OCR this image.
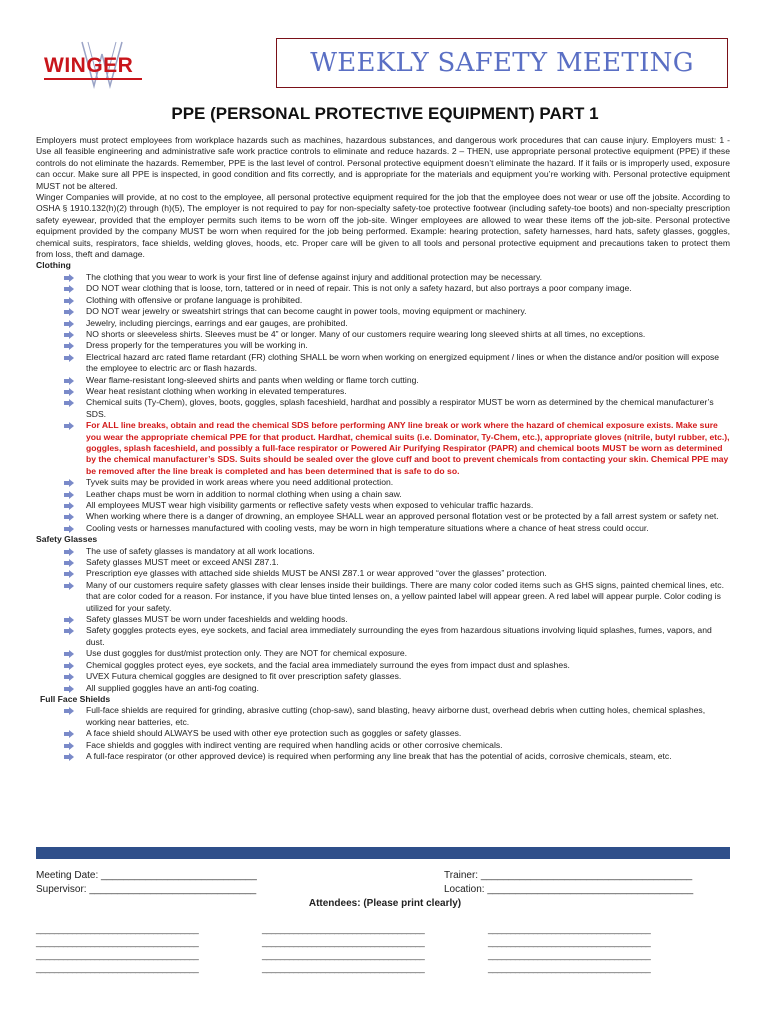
WINGER	WEEKLY SAFETY MEETING
PPE (PERSONAL PROTECTIVE EQUIPMENT) PART 1

Employers must protect employees from workplace hazards such as machines, hazardous substances, and dangerous work procedures that can cause injury. Employers must: 1 - Use all feasible engineering and administrative safe work practice controls to eliminate and reduce hazards. 2 – THEN, use appropriate personal protective equipment (PPE) if these controls do not eliminate the hazards. Remember, PPE is the last level of control. Personal protective equipment doesn’t eliminate the hazard. If it fails or is improperly used, exposure can occur. Make sure all PPE is inspected, in good condition and fits correctly, and is appropriate for the materials and equipment you’re working with. Personal protective equipment MUST not be altered.

Winger Companies will provide, at no cost to the employee, all personal protective equipment required for the job that the employee does not wear or use off the jobsite. According to OSHA § 1910.132(h)(2) through (h)(5), The employer is not required to pay for non-specialty safety-toe protective footwear (including safety-toe boots) and non-specialty prescription safety eyewear, provided that the employer permits such items to be worn off the job-site. Winger employees are allowed to wear these items off the job-site. Personal protective equipment provided by the company MUST be worn when required for the job being performed. Example: hearing protection, safety harnesses, hard hats, safety glasses, goggles, chemical suits, respirators, face shields, welding gloves, hoods, etc. Proper care will be given to all tools and personal protective equipment and precautions taken to protect them from loss, theft and damage.

Clothing

The clothing that you wear to work is your first line of defense against injury and additional protection may be necessary.
DO NOT wear clothing that is loose, torn, tattered or in need of repair. This is not only a safety hazard, but also portrays a poor company image.
Clothing with offensive or profane language is prohibited.
DO NOT wear jewelry or sweatshirt strings that can become caught in power tools, moving equipment or machinery.
Jewelry, including piercings, earrings and ear gauges, are prohibited.
NO shorts or sleeveless shirts. Sleeves must be 4” or longer. Many of our customers require wearing long sleeved shirts at all times, no exceptions.
Dress properly for the temperatures you will be working in.
Electrical hazard arc rated flame retardant (FR) clothing SHALL be worn when working on energized equipment / lines or when the distance and/or position will expose the employee to electric arc or flash hazards.
Wear flame-resistant long-sleeved shirts and pants when welding or flame torch cutting.
Wear heat resistant clothing when working in elevated temperatures.
Chemical suits (Ty-Chem), gloves, boots, goggles, splash faceshield, hardhat and possibly a respirator MUST be worn as determined by the chemical manufacturer’s SDS.
For ALL line breaks, obtain and read the chemical SDS before performing ANY line break or work where the hazard of chemical exposure exists. Make sure you wear the appropriate chemical PPE for that product. Hardhat, chemical suits (i.e. Dominator, Ty-Chem, etc.), appropriate gloves (nitrile, butyl rubber, etc.), goggles, splash faceshield, and possibly a full-face respirator or Powered Air Purifying Respirator (PAPR) and chemical boots MUST be worn as determined by the chemical manufacturer’s SDS. Suits should be sealed over the glove cuff and boot to prevent chemicals from contacting your skin. Chemical PPE may be removed after the line break is completed and has been determined that is safe to do so.
Tyvek suits may be provided in work areas where you need additional protection.
Leather chaps must be worn in addition to normal clothing when using a chain saw.
All employees MUST wear high visibility garments or reflective safety vests when exposed to vehicular traffic hazards.
When working where there is a danger of drowning, an employee SHALL wear an approved personal flotation vest or be protected by a fall arrest system or safety net.
Cooling vests or harnesses manufactured with cooling vests, may be worn in high temperature situations where a chance of heat stress could occur.

Safety Glasses

The use of safety glasses is mandatory at all work locations.
Safety glasses MUST meet or exceed ANSI Z87.1.
Prescription eye glasses with attached side shields MUST be ANSI Z87.1 or wear approved “over the glasses” protection.
Many of our customers require safety glasses with clear lenses inside their buildings. There are many color coded items such as GHS signs, painted chemical lines, etc. that are color coded for a reason. For instance, if you have blue tinted lenses on, a yellow painted label will appear green. A red label will appear purple. Color coding is utilized for your safety.
Safety glasses MUST be worn under faceshields and welding hoods.
Safety goggles protects eyes, eye sockets, and facial area immediately surrounding the eyes from hazardous situations involving liquid splashes, fumes, vapors, and dust.
Use dust goggles for dust/mist protection only. They are NOT for chemical exposure.
Chemical goggles protect eyes, eye sockets, and the facial area immediately surround the eyes from impact dust and splashes.
UVEX Futura chemical goggles are designed to fit over prescription safety glasses.
All supplied goggles have an anti-fog coating.

Full Face Shields

Full-face shields are required for grinding, abrasive cutting (chop-saw), sand blasting, heavy airborne dust, overhead debris when cutting holes, chemical splashes, working near batteries, etc.
A face shield should ALWAYS be used with other eye protection such as goggles or safety glasses.
Face shields and goggles with indirect venting are required when handling acids or other corrosive chemicals.
A full-face respirator (or other approved device) is required when performing any line break that has the potential of acids, corrosive chemicals, steam, etc.
Meeting Date: ____________________________
Supervisor: ______________________________
Trainer: ______________________________________
Location: _____________________________________
Attendees: (Please print clearly)
____________________________________	____________________________________	____________________________________
____________________________________	____________________________________	____________________________________
____________________________________	____________________________________	____________________________________
____________________________________	____________________________________	____________________________________
